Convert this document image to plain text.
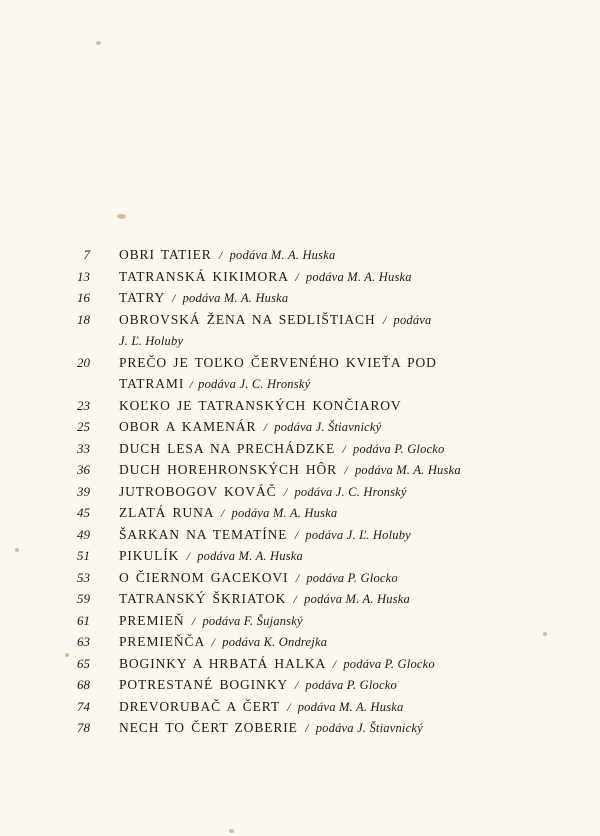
7 OBRI TATIER / podáva M. A. Huska
13 TATRANSKÁ KIKIMORA / podáva M. A. Huska
16 TATRY / podáva M. A. Huska
18 OBROVSKÁ ŽENA NA SEDLIŠTIACH / podáva
J. Ľ. Holuby
20 PREČO JE TOĽKO ČERVENÉHO KVIEŤA POD
TATRAMI / podáva J. C. Hronský
23 KOĽKO JE TATRANSKÝCH KONČIAROV
25 OBOR A KAMENÁR / podáva J. Štiavnický
33 DUCH LESA NA PRECHÁDZKE / podáva P. Glocko
36 DUCH HOREHRONSKÝCH HÔR / podáva M. A. Huska
39 JUTROBOGOV KOVÁČ / podáva J. C. Hronský
45 ZLATÁ RUNA / podáva M. A. Huska
49 ŠARKAN NA TEMATÍNE / podáva J. Ľ. Holuby
51 PIKULÍK / podáva M. A. Huska
53 O ČIERNOM GACEKOVI / podáva P. Glocko
59 TATRANSKÝ ŠKRIATOK / podáva M. A. Huska
61 PREMIEŇ / podáva F. Šujanský
63 PREMIEŇČA / podáva K. Ondrejka
65 BOGINKY A HRBATÁ HALKA / podáva P. Glocko
68 POTRESTANÉ BOGINKY / podáva P. Glocko
74 DREVORUBAČ A ČERT / podáva M. A. Huska
78 NECH TO ČERT ZOBERIE / podáva J. Štiavnický
